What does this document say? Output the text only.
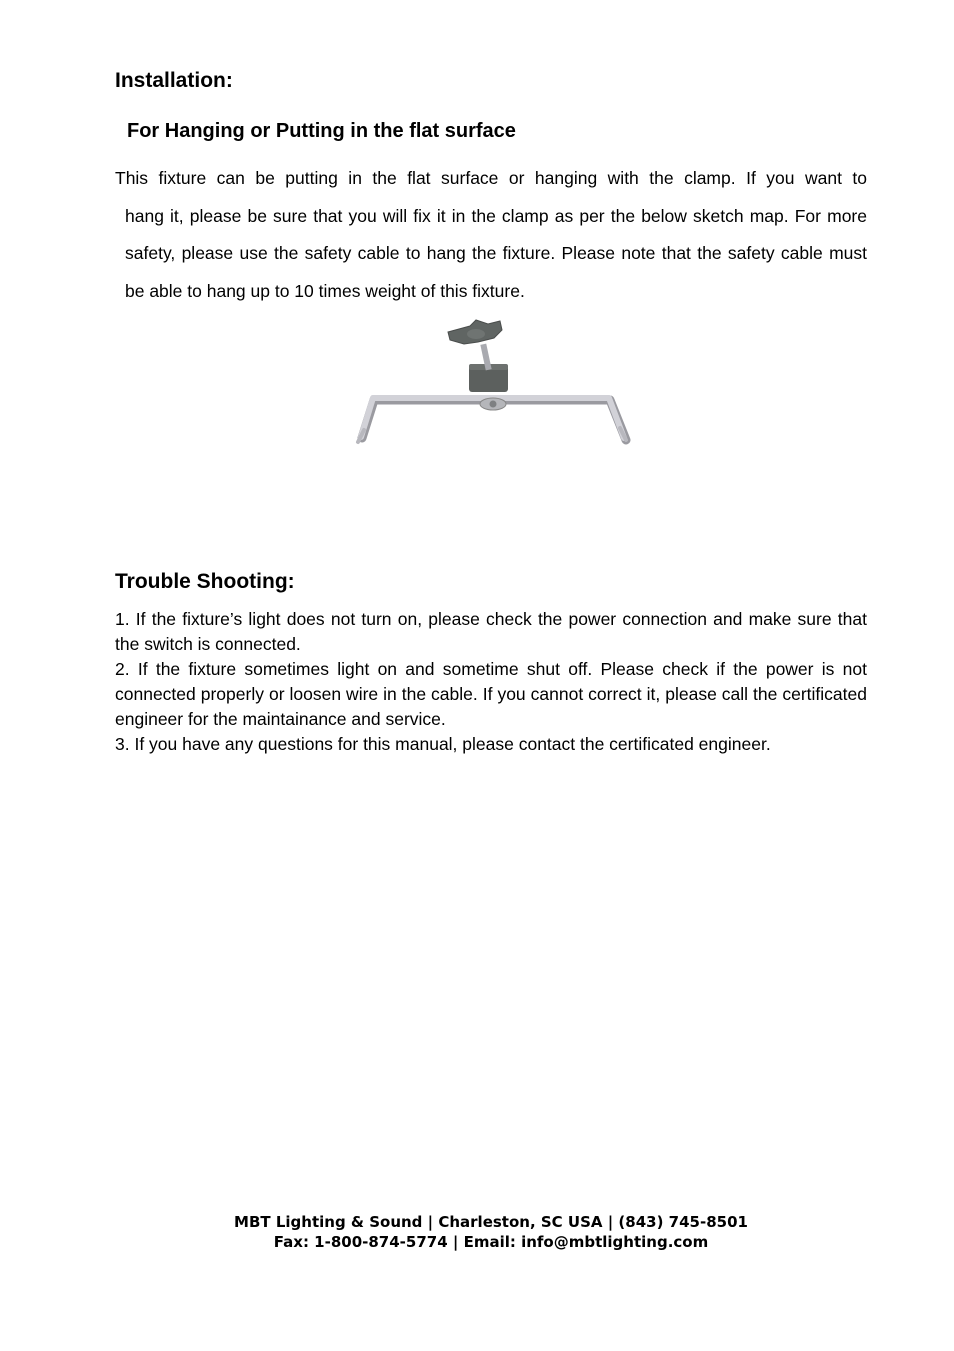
Installation:
For Hanging or Putting in the flat surface

This fixture can be putting in the flat surface or hanging with the clamp. If you want to
hang it, please be sure that you will fix it in the clamp as per the below sketch map. For more safety, please use the safety cable to hang the fixture. Please note that the safety cable must be able to hang up to 10 times weight of this fixture.

Trouble Shooting:
1. If the fixture’s light does not turn on, please check the power connection and make sure that the switch is connected.
2. If the fixture sometimes light on and sometime shut off. Please check if the power is not connected properly or loosen wire in the cable. If you cannot correct it, please call the certificated engineer for the maintainance and service.
3. If you have any questions for this manual, please contact the certificated engineer.
MBT Lighting & Sound | Charleston, SC USA | (843) 745-8501
Fax: 1-800-874-5774 | Email: info@mbtlighting.com
